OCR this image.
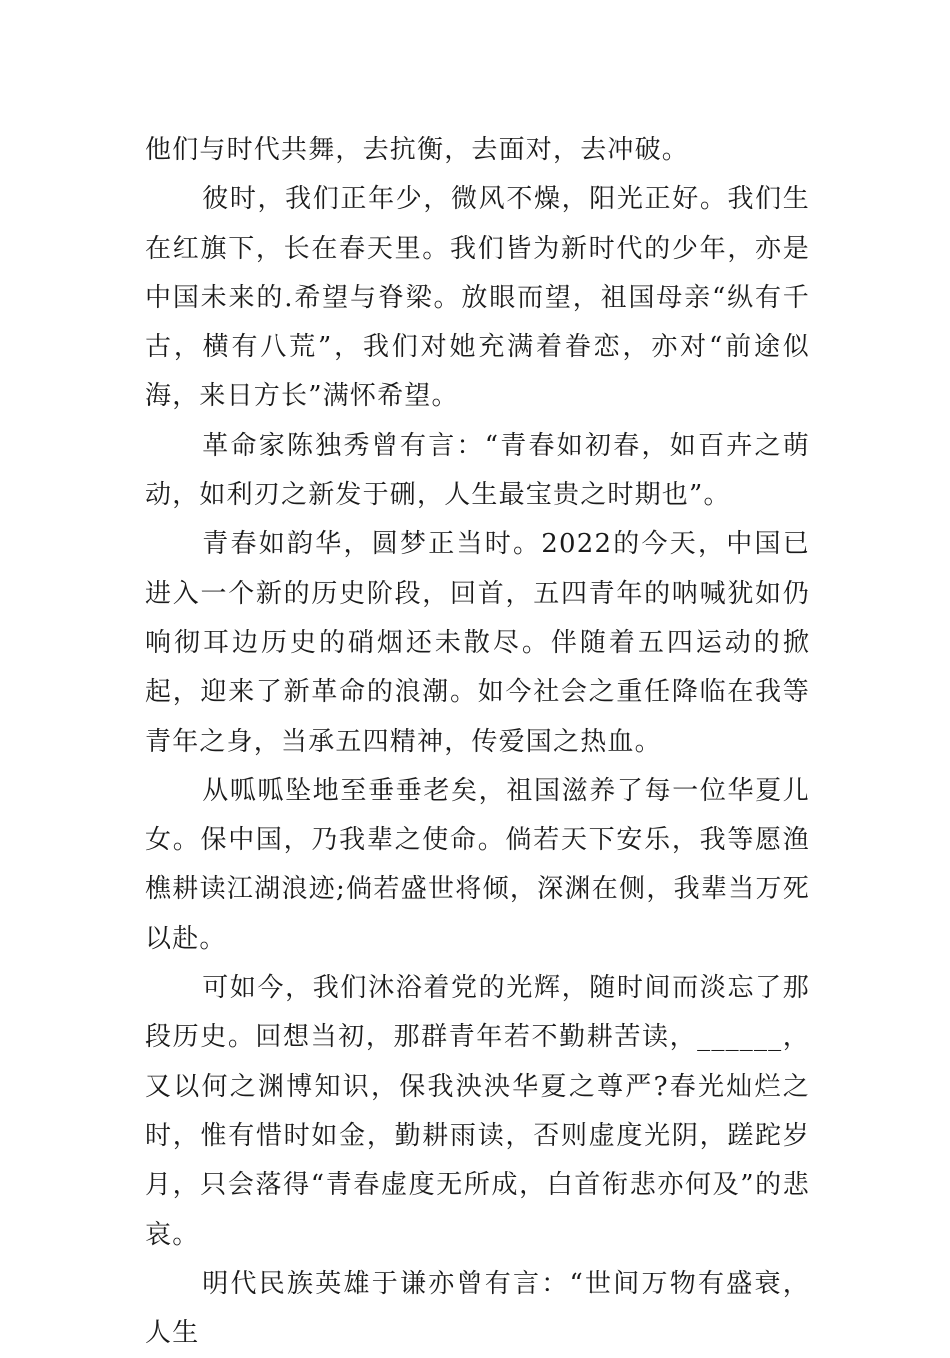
他们与时代共舞，去抗衡，去面对，去冲破。

彼时，我们正年少，微风不燥，阳光正好。我们生在红旗下，长在春天里。我们皆为新时代的少年，亦是中国未来的.希望与脊梁。放眼而望，祖国母亲“纵有千古，横有八荒”，我们对她充满着眷恋，亦对“前途似海，来日方长”满怀希望。

革命家陈独秀曾有言：“青春如初春，如百卉之萌动，如利刃之新发于硎，人生最宝贵之时期也”。

青春如韵华，圆梦正当时。2022的今天，中国已进入一个新的历史阶段，回首，五四青年的呐喊犹如仍响彻耳边历史的硝烟还未散尽。伴随着五四运动的掀起，迎来了新革命的浪潮。如今社会之重任降临在我等青年之身，当承五四精神，传爱国之热血。

从呱呱坠地至垂垂老矣，祖国滋养了每一位华夏儿女。保中国，乃我辈之使命。倘若天下安乐，我等愿渔樵耕读江湖浪迹;倘若盛世将倾，深渊在侧，我辈当万死以赴。

可如今，我们沐浴着党的光辉，随时间而淡忘了那段历史。回想当初，那群青年若不勤耕苦读，______，又以何之渊博知识，保我泱泱华夏之尊严?春光灿烂之时，惟有惜时如金，勤耕雨读，否则虚度光阴，蹉跎岁月，只会落得“青春虚度无所成，白首衔悲亦何及”的悲哀。

明代民族英雄于谦亦曾有言：“世间万物有盛衰，人生
